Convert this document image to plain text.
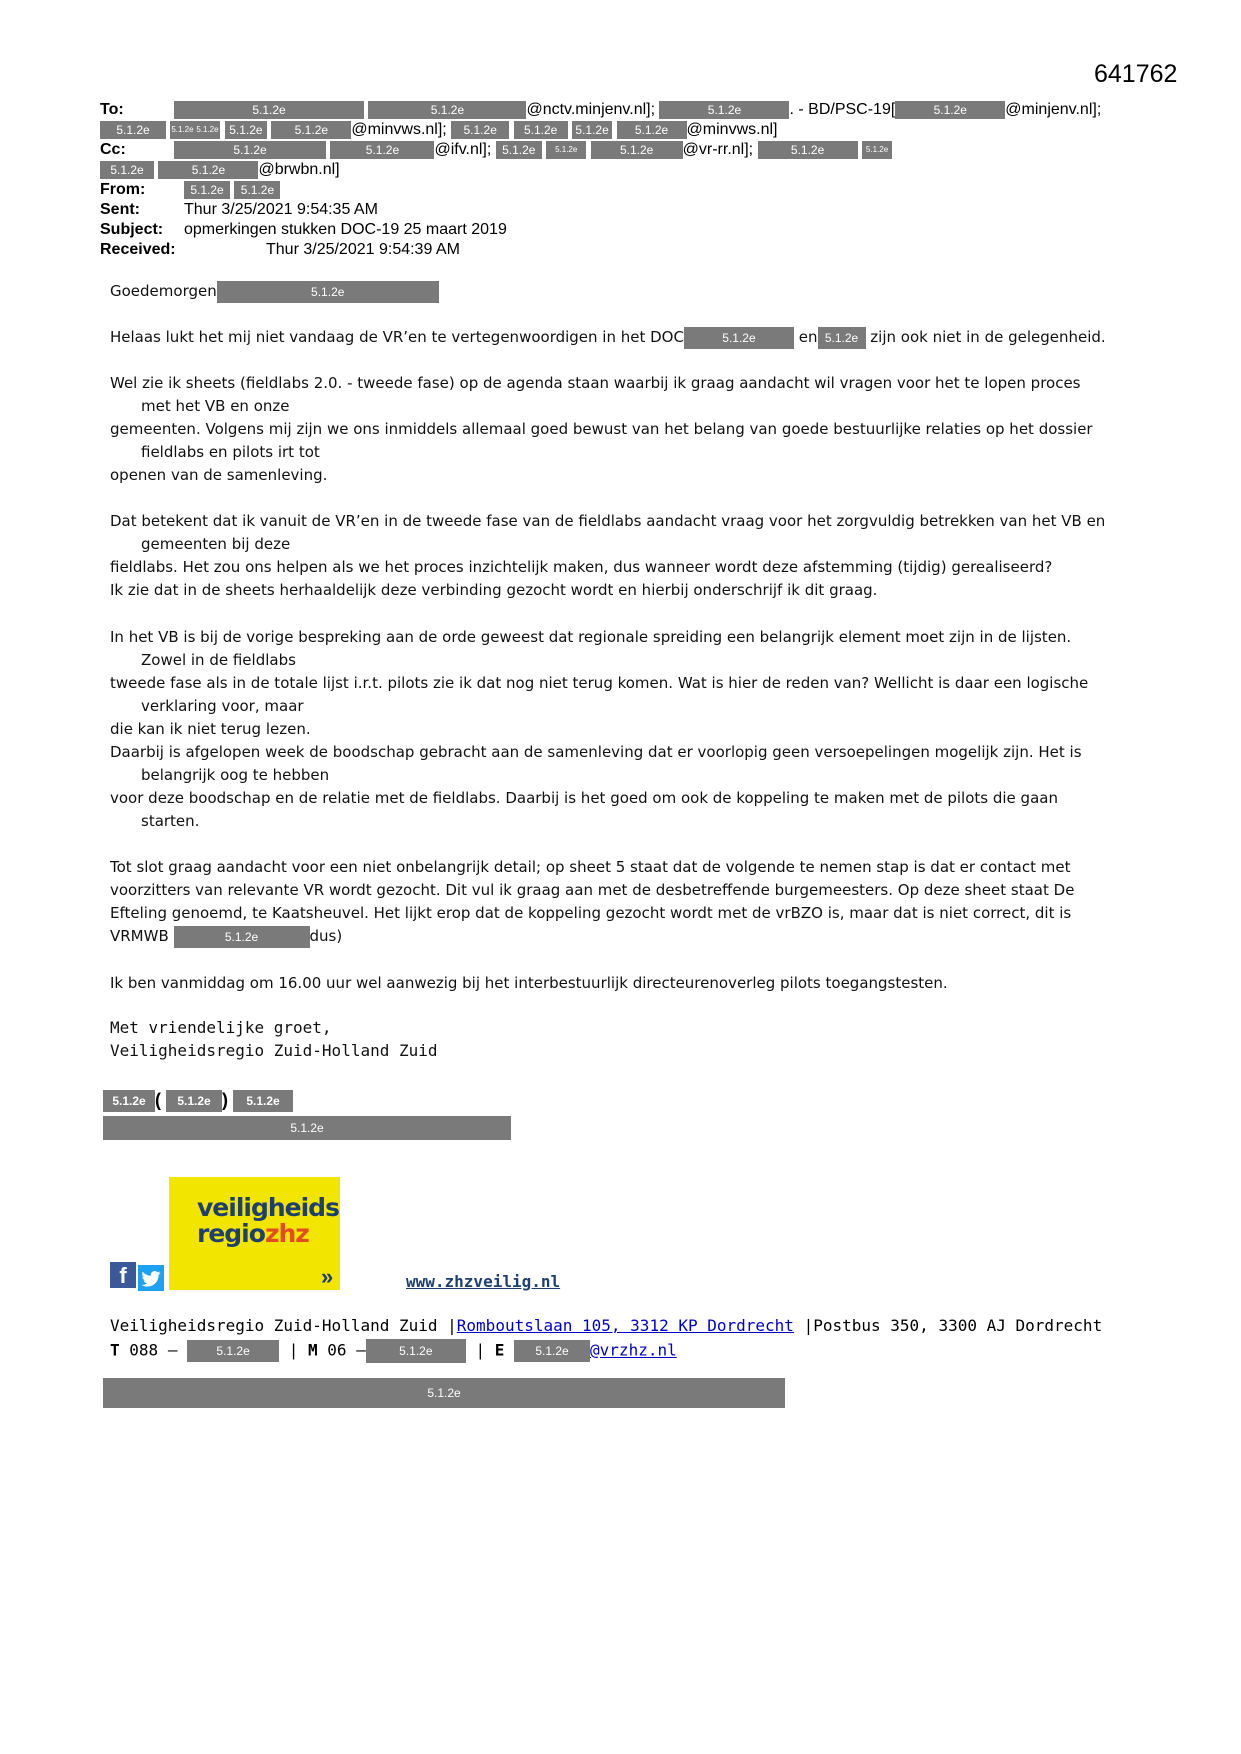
641762
To:	5.1.2e	5.1.2e	@nctv.minjenv.nl];	5.1.2e	. - BD/PSC-19[	5.1.2e @minjenv.nl];
5.1.2e	5.1.2e 5.1.2e 5.1.2e	5.1.2e @minvws.nl]; 5.1.2e 5.1.2e 5.1.2e 5.1.2e @minvws.nl]
Cc:	5.1.2e	5.1.2e @ifv.nl]; 5.1.2e 5.1.2e	5.1.2e @vr-rr.nl];	5.1.2e	5.1.2e
5.1.2e	5.1.2e @brwbn.nl]
From:	5.1.2e 5.1.2e
Sent:	Thur 3/25/2021 9:54:35 AM
Subject: opmerkingen stukken DOC-19 25 maart 2019
Received:	Thur 3/25/2021 9:54:39 AM
Goedemorgen	5.1.2e
Helaas lukt het mij niet vandaag de VR’en te vertegenwoordigen in het DOC	5.1.2e	en 5.1.2e zijn ook niet in de gelegenheid.
Wel zie ik sheets (fieldlabs 2.0. - tweede fase) op de agenda staan waarbij ik graag aandacht wil vragen voor het te lopen proces

met het VB en onze
gemeenten. Volgens mij zijn we ons inmiddels allemaal goed bewust van het belang van goede bestuurlijke relaties op het dossier

fieldlabs en pilots irt tot
openen van de samenleving.
Dat betekent dat ik vanuit de VR’en in de tweede fase van de fieldlabs aandacht vraag voor het zorgvuldig betrekken van het VB en

gemeenten bij deze
fieldlabs. Het zou ons helpen als we het proces inzichtelijk maken, dus wanneer wordt deze afstemming (tijdig) gerealiseerd?
Ik zie dat in de sheets herhaaldelijk deze verbinding gezocht wordt en hierbij onderschrijf ik dit graag.
In het VB is bij de vorige bespreking aan de orde geweest dat regionale spreiding een belangrijk element moet zijn in de lijsten.

Zowel in de fieldlabs
tweede fase als in de totale lijst i.r.t. pilots zie ik dat nog niet terug komen. Wat is hier de reden van? Wellicht is daar een logische

verklaring voor, maar
die kan ik niet terug lezen.
Daarbij is afgelopen week de boodschap gebracht aan de samenleving dat er voorlopig geen versoepelingen mogelijk zijn. Het is

belangrijk oog te hebben
voor deze boodschap en de relatie met de fieldlabs. Daarbij is het goed om ook de koppeling te maken met de pilots die gaan

starten.
Tot slot graag aandacht voor een niet onbelangrijk detail; op sheet 5 staat dat de volgende te nemen stap is dat er contact met
voorzitters van relevante VR wordt gezocht. Dit vul ik graag aan met de desbetreffende burgemeesters. Op deze sheet staat De
Efteling genoemd, te Kaatsheuvel. Het lijkt erop dat de koppeling gezocht wordt met de vrBZO is, maar dat is niet correct, dit is
VRMWB	5.1.2e	dus)
Ik ben vanmiddag om 16.00 uur wel aanwezig bij het interbestuurlijk directeurenoverleg pilots toegangstesten.
Met vriendelijke groet,
Veiligheidsregio Zuid-Holland Zuid
5.1.2e ( 5.1.2e ) 5.1.2e
5.1.2e
veiligheids
regiozhz
f	»	www.zhzveilig.nl
Veiligheidsregio Zuid-Holland Zuid |Romboutslaan 105, 3312 KP Dordrecht |Postbus 350, 3300 AJ Dordrecht
T 088 –	5.1.2e | M 06 –	5.1.2e	| E	5.1.2e @vrzhz.nl
5.1.2e
